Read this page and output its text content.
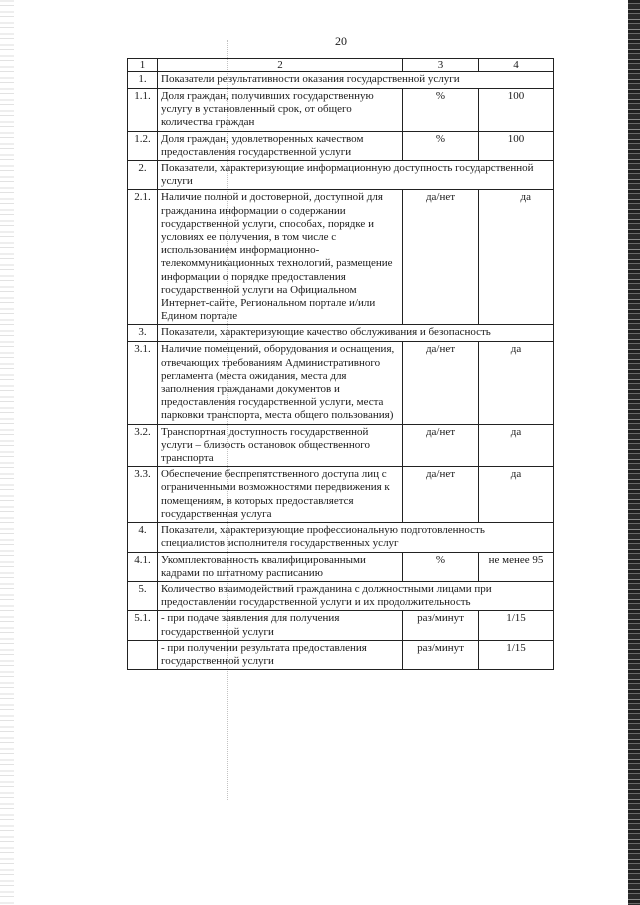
20
1	2	3	4
1.	Показатели результативности оказания государственной услуги		
1.1.	Доля граждан, получивших государственную услугу в установленный срок, от общего количества граждан	%	100
1.2.	Доля граждан, удовлетворенных качеством предоставления государственной услуги	%	100
2.	Показатели, характеризующие информационную доступность государственной услуги		
2.1.	Наличие полной и достоверной, доступной для гражданина информации о содержании государственной услуги, способах, порядке и условиях ее получения, в том числе с использованием информационно-телекоммуникационных технологий, размещение информации о порядке предоставления государственной услуги на Официальном Интернет-сайте, Региональном портале и/или Едином портале	да/нет	да
3.	Показатели, характеризующие качество обслуживания и безопасность		
3.1.	Наличие помещений, оборудования и оснащения, отвечающих требованиям Административного регламента (места ожидания, места для заполнения гражданами документов и предоставления государственной услуги, места парковки транспорта, места общего пользования)	да/нет	да
3.2.	Транспортная доступность государственной услуги – близость остановок общественного транспорта	да/нет	да
3.3.	Обеспечение беспрепятственного доступа лиц с ограниченными возможностями передвижения к помещениям, в которых предоставляется государственная услуга	да/нет	да
4.	Показатели, характеризующие профессиональную подготовленность специалистов исполнителя государственных услуг		
4.1.	Укомплектованность квалифицированными кадрами по штатному расписанию	%	не менее 95
5.	Количество взаимодействий гражданина с должностными лицами при предоставлении государственной услуги и их продолжительность		
5.1.	- при подаче заявления для получения государственной услуги	раз/минут	1/15
	- при получении результата предоставления государственной услуги	раз/минут	1/15
